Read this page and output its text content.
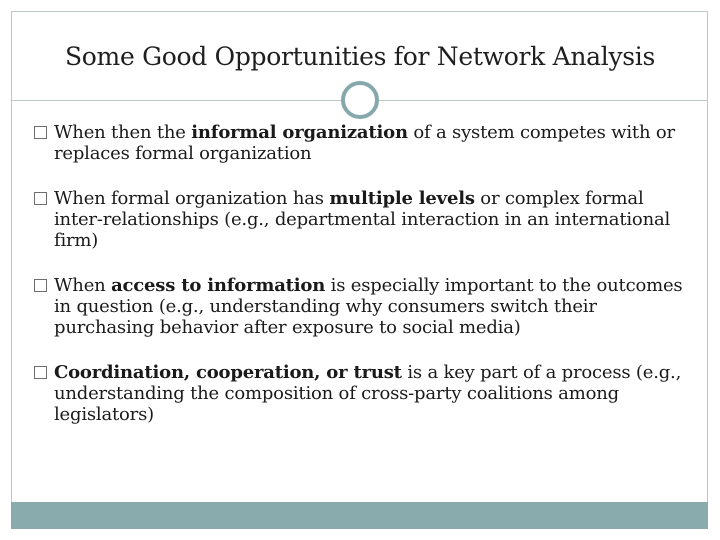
Some Good Opportunities for Network Analysis
When then the informal organization of a system competes with or replaces formal organization
When formal organization has multiple levels or complex formal inter-relationships (e.g., departmental interaction in an international firm)
When access to information is especially important to the outcomes in question (e.g., understanding why consumers switch their purchasing behavior after exposure to social media)
Coordination, cooperation, or trust is a key part of a process (e.g., understanding the composition of cross-party coalitions among legislators)
